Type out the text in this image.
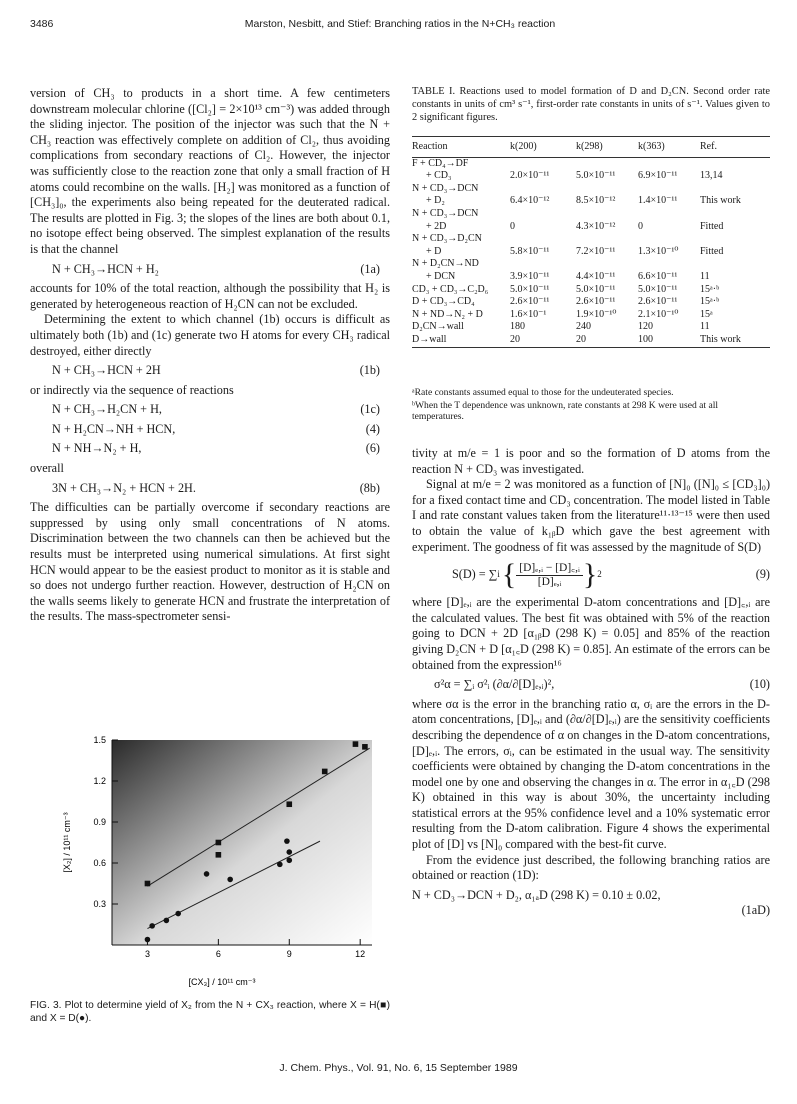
3486	Marston, Nesbitt, and Stief: Branching ratios in the N+CH₃ reaction

version of CH₃ to products in a short time. A few centimeters downstream molecular chlorine ([Cl₂] = 2×10¹³ cm⁻³) was added through the sliding injector. The position of the injector was such that the N + CH₃ reaction was effectively complete on addition of Cl₂, thus avoiding complications from secondary reactions of Cl₂. However, the injector was sufficiently close to the reaction zone that only a small fraction of H atoms could recombine on the walls. [H₂] was monitored as a function of [CH₃]₀, the experiments also being repeated for the deuterated radical. The results are plotted in Fig. 3; the slopes of the lines are both about 0.1, no isotope effect being observed. The simplest explanation of the results is that the channel

N + CH₃→HCN + H₂	(1a)

accounts for 10% of the total reaction, although the possibility that H₂ is generated by heterogeneous reaction of H₂CN can not be excluded.

Determining the extent to which channel (1b) occurs is difficult as ultimately both (1b) and (1c) generate two H atoms for every CH₃ radical destroyed, either directly

N + CH₃→HCN + 2H	(1b)

or indirectly via the sequence of reactions

N + CH₃→H₂CN + H,	(1c)
N + H₂CN→NH + HCN,	(4)
N + NH→N₂ + H,	(6)

overall

3N + CH₃→N₂ + HCN + 2H.	(8b)

The difficulties can be partially overcome if secondary reactions are suppressed by using only small concentrations of N atoms. Discrimination between the two channels can then be achieved but the results must be interpreted using numerical simulations. At first sight HCN would appear to be the easiest product to monitor as it is stable and so does not undergo further reaction. However, destruction of H₂CN on the walls seems likely to generate HCN and frustrate the interpretation of the results. The mass-spectrometer sensi-

TABLE I. Reactions used to model formation of D and D₂CN. Second order rate constants in units of cm³ s⁻¹, first-order rate constants in units of s⁻¹. Values given to 2 significant figures.
Reaction	k(200)	k(298)	k(363)	Ref.
F + CD₄→DF				
+ CD₃	2.0×10⁻¹¹	5.0×10⁻¹¹	6.9×10⁻¹¹	13,14
N + CD₃→DCN				
+ D₂	6.4×10⁻¹²	8.5×10⁻¹²	1.4×10⁻¹¹	This work
N + CD₃→DCN				
+ 2D	0	4.3×10⁻¹²	0	Fitted
N + CD₃→D₂CN				
+ D	5.8×10⁻¹¹	7.2×10⁻¹¹	1.3×10⁻¹⁰	Fitted
N + D₂CN→ND				
+ DCN	3.9×10⁻¹¹	4.4×10⁻¹¹	6.6×10⁻¹¹	11
CD₃ + CD₃→C₂D₆	5.0×10⁻¹¹	5.0×10⁻¹¹	5.0×10⁻¹¹	15ᵃ·ᵇ
D + CD₃→CD₄	2.6×10⁻¹¹	2.6×10⁻¹¹	2.6×10⁻¹¹	15ᵃ·ᵇ
N + ND→N₂ + D	1.6×10⁻¹	1.9×10⁻¹⁰	2.1×10⁻¹⁰	15ᵃ
D₂CN→wall	180	240	120	11
D→wall	20	20	100	This work

ᵃRate constants assumed equal to those for the undeuterated species.

ᵇWhen the T dependence was unknown, rate constants at 298 K were used at all temperatures.

tivity at m/e = 1 is poor and so the formation of D atoms from the reaction N + CD₃ was investigated.

Signal at m/e = 2 was monitored as a function of [N]₀ ([N]₀ ≤ [CD₃]₀) for a fixed contact time and CD₃ concentration. The model listed in Table I and rate constant values taken from the literature¹¹·¹³⁻¹⁵ were then used to obtain the value of k₁ᵦD which gave the best agreement with experiment. The goodness of fit was assessed by the magnitude of S(D)

S(D) = ∑ i { $\frac{\text{[D]ₑ,ᵢ − [D]꜀,ᵢ}}{\text{[D]ₑ,ᵢ}}$ } 2	(9)

where [D]ₑ,ᵢ are the experimental D-atom concentrations and [D]꜀,ᵢ are the calculated values. The best fit was obtained with 5% of the reaction going to DCN + 2D [α₁ᵦD (298 K) = 0.05] and 85% of the reaction giving D₂CN + D [α₁꜀D (298 K) = 0.85]. An estimate of the errors can be obtained from the expression¹⁶

σ²α = ∑ᵢ σ²ᵢ (∂α/∂[D]ₑ,ᵢ)²,	(10)

where σα is the error in the branching ratio α, σᵢ are the errors in the D-atom concentrations, [D]ₑ,ᵢ and (∂α/∂[D]ₑ,ᵢ) are the sensitivity coefficients describing the dependence of α on changes in the D-atom concentrations, [D]ₑ,ᵢ. The errors, σᵢ, can be estimated in the usual way. The sensitivity coefficients were obtained by changing the D-atom concentrations in the model one by one and observing the changes in α. The error in α₁꜀D (298 K) obtained in this way is about 30%, the uncertainty including statistical errors at the 95% confidence level and a 10% systematic error resulting from the D-atom calibration. Figure 4 shows the experimental plot of [D] vs [N]₀ compared with the best-fit curve.

From the evidence just described, the following branching ratios are obtained or reaction (1D):

N + CD₃→DCN + D₂, α₁ₐD (298 K) = 0.10 ± 0.02,
(1aD)
0.3
0.6
0.9
1.2
1.5
3	6	9	12
[CX₃] / 10¹¹ cm⁻³
[X₂] / 10¹¹ cm⁻³
FIG. 3. Plot to determine yield of X₂ from the N + CX₃ reaction, where X = H(■) and X = D(●).
J. Chem. Phys., Vol. 91, No. 6, 15 September 1989
